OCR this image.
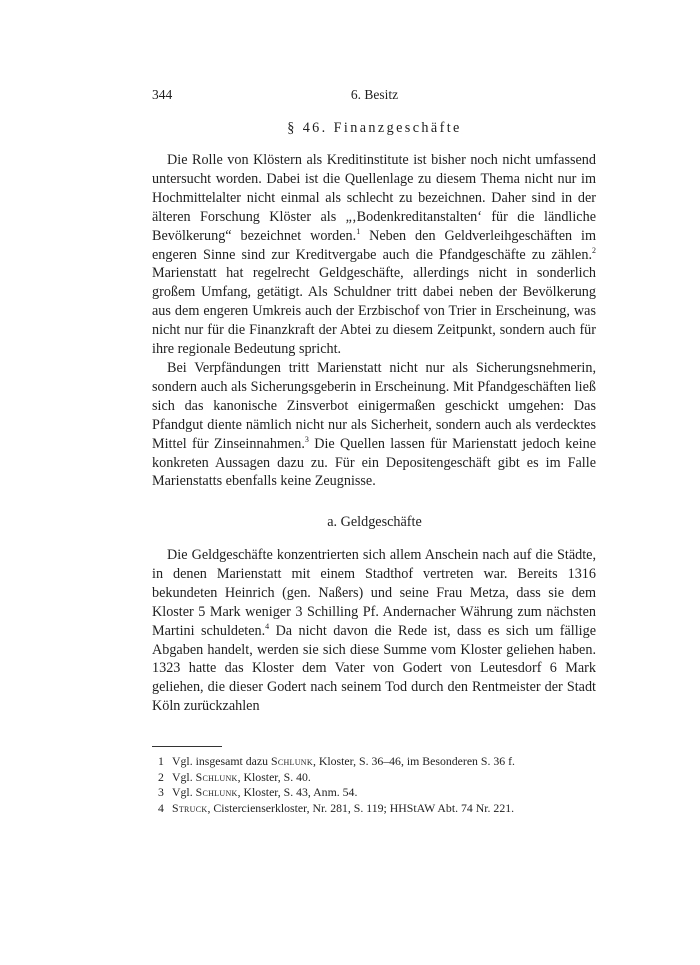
344	6. Besitz
§ 46. Finanzgeschäfte

Die Rolle von Klöstern als Kreditinstitute ist bisher noch nicht umfassend untersucht worden. Dabei ist die Quellenlage zu diesem Thema nicht nur im Hochmittelalter nicht einmal als schlecht zu bezeichnen. Daher sind in der älteren Forschung Klöster als „‚Bodenkreditanstalten‘ für die ländliche Bevölkerung“ bezeichnet worden.$^1$ Neben den Geldverleihgeschäften im engeren Sinne sind zur Kreditvergabe auch die Pfandgeschäfte zu zählen.$^2$ Marienstatt hat regelrecht Geldgeschäfte, allerdings nicht in sonderlich großem Umfang, getätigt. Als Schuldner tritt dabei neben der Bevölkerung aus dem engeren Umkreis auch der Erzbischof von Trier in Erscheinung, was nicht nur für die Finanzkraft der Abtei zu diesem Zeitpunkt, sondern auch für ihre regionale Bedeutung spricht.

Bei Verpfändungen tritt Marienstatt nicht nur als Sicherungsnehmerin, sondern auch als Sicherungsgeberin in Erscheinung. Mit Pfandgeschäften ließ sich das kanonische Zinsverbot einigermaßen geschickt umgehen: Das Pfandgut diente nämlich nicht nur als Sicherheit, sondern auch als verdecktes Mittel für Zinseinnahmen.$^3$ Die Quellen lassen für Marienstatt jedoch keine konkreten Aussagen dazu zu. Für ein Depositengeschäft gibt es im Falle Marienstatts ebenfalls keine Zeugnisse.

a. Geldgeschäfte

Die Geldgeschäfte konzentrierten sich allem Anschein nach auf die Städte, in denen Marienstatt mit einem Stadthof vertreten war. Bereits 1316 bekundeten Heinrich (gen. Naßers) und seine Frau Metza, dass sie dem Kloster 5 Mark weniger 3 Schilling Pf. Andernacher Währung zum nächsten Martini schuldeten.$^4$ Da nicht davon die Rede ist, dass es sich um fällige Abgaben handelt, werden sie sich diese Summe vom Kloster geliehen haben. 1323 hatte das Kloster dem Vater von Godert von Leutesdorf 6 Mark geliehen, die dieser Godert nach seinem Tod durch den Rentmeister der Stadt Köln zurückzahlen

1 Vgl. insgesamt dazu Schlunk, Kloster, S. 36–46, im Besonderen S. 36 f.
2 Vgl. Schlunk, Kloster, S. 40.
3 Vgl. Schlunk, Kloster, S. 43, Anm. 54.
4 Struck, Cistercienserkloster, Nr. 281, S. 119; HHStAW Abt. 74 Nr. 221.
